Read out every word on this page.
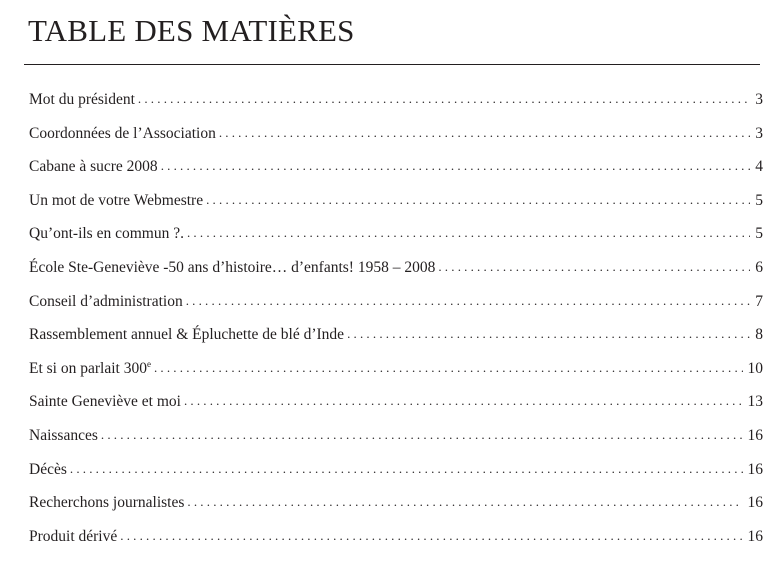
TABLE DES MATIÈRES
Mot du président .....	3
Coordonnées de l’Association .....	3
Cabane à sucre 2008 .....	4
Un mot de votre Webmestre .....	5
Qu’ont-ils en commun ?. .....	5
École Ste-Geneviève -50 ans d’histoire… d’enfants! 1958 – 2008 .....	6
Conseil d’administration .....	7
Rassemblement annuel & Épluchette de blé d’Inde .....	8
Et si on parlait 300e .....	10
Sainte Geneviève et moi .....	13
Naissances .....	16
Décès .....	16
Recherchons journalistes .....	16
Produit dérivé .....	16
